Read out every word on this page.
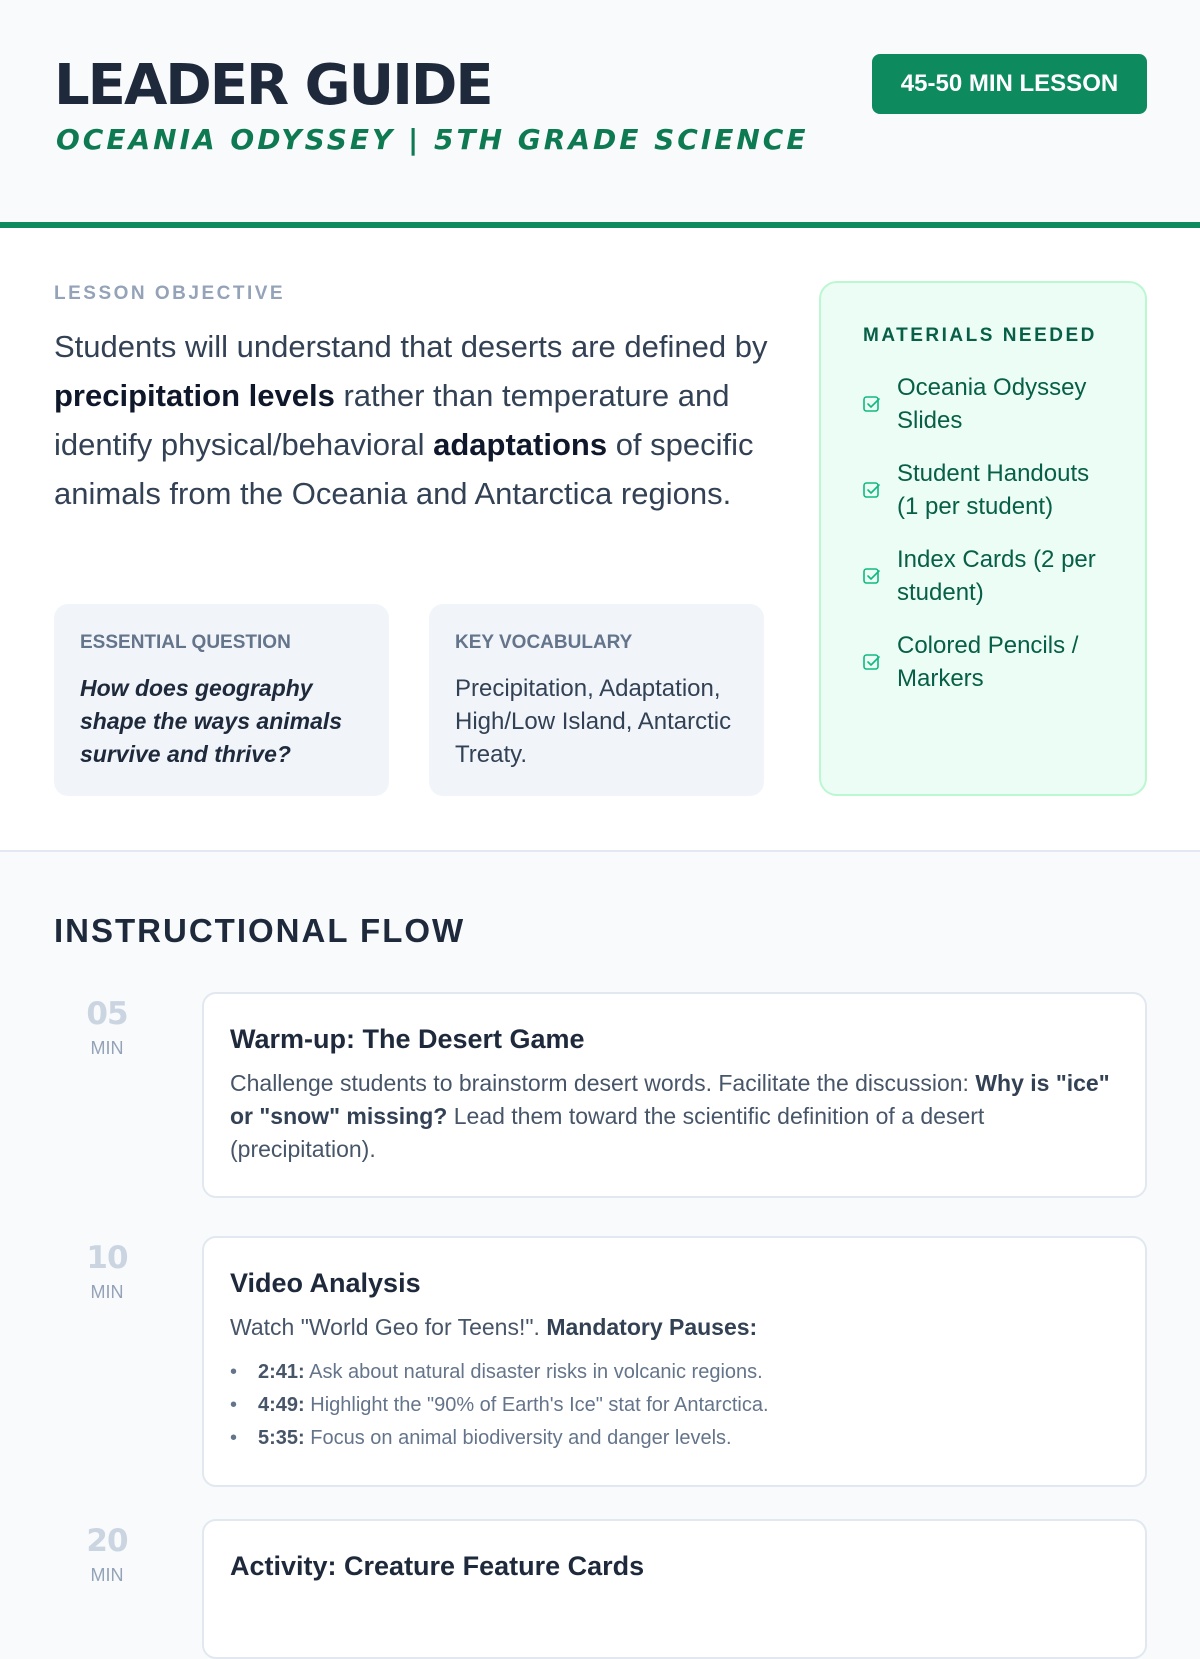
LEADER GUIDE
OCEANIA ODYSSEY | 5TH GRADE SCIENCE
45-50 MIN LESSON
LESSON OBJECTIVE
Students will understand that deserts are defined by precipitation levels rather than temperature and identify physical/behavioral adaptations of specific animals from the Oceania and Antarctica regions.
ESSENTIAL QUESTION
How does geography shape the ways animals survive and thrive?
KEY VOCABULARY
Precipitation, Adaptation, High/Low Island, Antarctic Treaty.
MATERIALS NEEDED
Oceania Odyssey Slides
Student Handouts (1 per student)
Index Cards (2 per student)
Colored Pencils / Markers
INSTRUCTIONAL FLOW
05
MIN	Warm-up: The Desert Game
Challenge students to brainstorm desert words. Facilitate the discussion: Why is "ice" or "snow" missing? Lead them toward the scientific definition of a desert (precipitation).
10
MIN	Video Analysis
Watch "World Geo for Teens!". Mandatory Pauses:
• 2:41: Ask about natural disaster risks in volcanic regions.
• 4:49: Highlight the "90% of Earth's Ice" stat for Antarctica.
• 5:35: Focus on animal biodiversity and danger levels.
20
MIN	Activity: Creature Feature Cards
